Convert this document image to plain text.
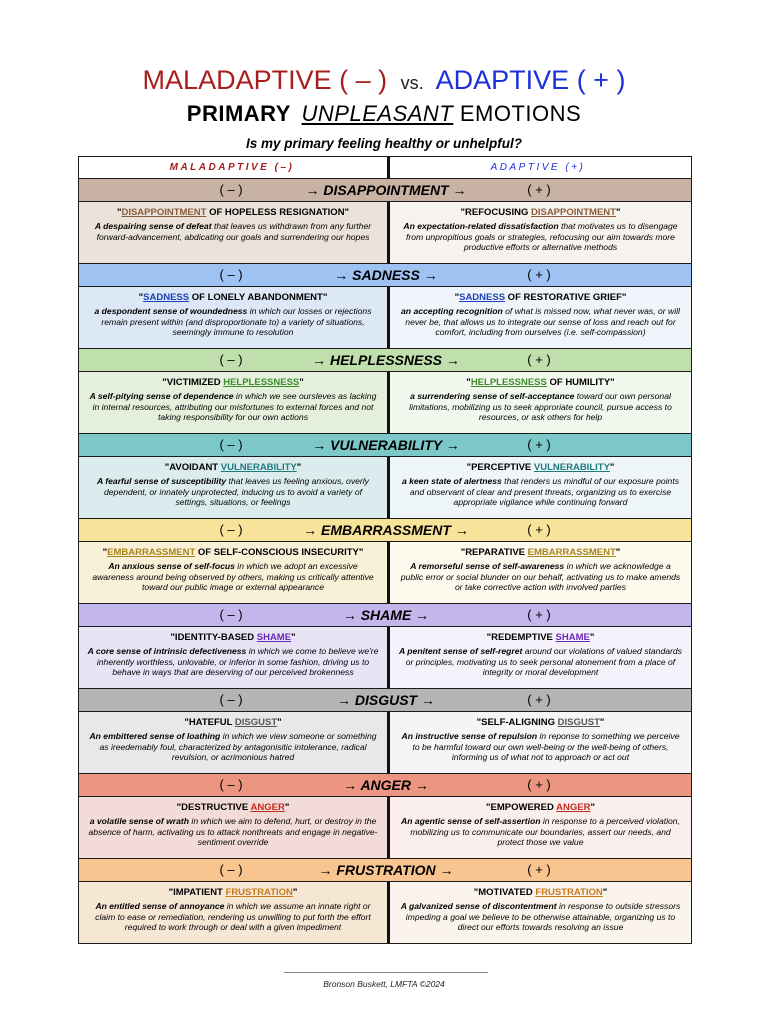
MALADAPTIVE ( – ) vs. ADAPTIVE ( + )
PRIMARY UNPLEASANT EMOTIONS
Is my primary feeling healthy or unhelpful?
MALADAPTIVE (–)	ADAPTIVE (+)
( – )	→ DISAPPOINTMENT →	( + )
"DISAPPOINTMENT OF HOPELESS RESIGNATION"
A despairing sense of defeat that leaves us withdrawn from any further forward-advancement, abdicating our goals and surrendering our hopes
"REFOCUSING DISAPPOINTMENT"
An expectation-related dissatisfaction that motivates us to disengage from unpropitious goals or strategies, refocusing our aim towards more productive efforts or alternative methods
( – )	→ SADNESS →	( + )
"SADNESS OF LONELY ABANDONMENT"
a despondent sense of woundedness in which our losses or rejections remain present within (and disproportionate to) a variety of situations, seemingly immune to resolution
"SADNESS OF RESTORATIVE GRIEF"
an accepting recognition of what is missed now, what never was, or will never be, that allows us to integrate our sense of loss and reach out for comfort, including from ourselves (i.e. self-compassion)
( – )	→ HELPLESSNESS →	( + )
"VICTIMIZED HELPLESSNESS"
A self-pitying sense of dependence in which we see oursleves as lacking in internal resources, attributing our misfortunes to external forces and not taking responsibility for our own actions
"HELPLESSNESS OF HUMILITY"
a surrendering sense of self-acceptance toward our own personal limitations, mobilizing us to seek approriate council, pursue access to resources, or ask others for help
( – )	→ VULNERABILITY →	( + )
"AVOIDANT VULNERABILITY"
A fearful sense of susceptibility that leaves us feeling anxious, overly dependent, or innately unprotected, inducing us to avoid a variety of settings, situations, or feelings
"PERCEPTIVE VULNERABILITY"
a keen state of alertness that renders us mindful of our exposure points and observant of clear and present threats, organizing us to exercise appropriate vigilance while continuing forward
( – )	→ EMBARRASSMENT →	( + )
"EMBARRASSMENT OF SELF-CONSCIOUS INSECURITY"
An anxious sense of self-focus in which we adopt an excessive awareness around being observed by others, making us critically attentive toward our public image or external appearance
"REPARATIVE EMBARRASSMENT"
A remorseful sense of self-awareness in which we acknowledge a public error or social blunder on our behalf, activating us to make amends or take corrective action with involved parties
( – )	→ SHAME →	( + )
"IDENTITY-BASED SHAME"
A core sense of intrinsic defectiveness in which we come to believe we're inherently worthless, unlovable, or inferior in some fashion, driving us to behave in ways that are deserving of our perceived brokenness
"REDEMPTIVE SHAME"
A penitent sense of self-regret around our violations of valued standards or principles, motivating us to seek personal atonement from a place of integrity or moral development
( – )	→ DISGUST →	( + )
"HATEFUL DISGUST"
An embittered sense of loathing in which we view someone or something as ireedemably foul, characterized by antagonisitic intolerance, radical revulsion, or acrimonious hatred
"SELF-ALIGNING DISGUST"
An instructive sense of repulsion in reponse to something we perceive to be harmful toward our own well-being or the well-being of others, informing us of what not to approach or act out
( – )	→ ANGER →	( + )
"DESTRUCTIVE ANGER"
a volatile sense of wrath in which we aim to defend, hurt, or destroy in the absence of harm, activating us to attack nonthreats and engage in negative-sentiment override
"EMPOWERED ANGER"
An agentic sense of self-assertion in response to a perceived violation, mobilizing us to communicate our boundaries, assert our needs, and protect those we value
( – )	→ FRUSTRATION →	( + )
"IMPATIENT FRUSTRATION"
An entitled sense of annoyance in which we assume an innate right or claim to ease or remediation, rendering us unwilling to put forth the effort required to work through or deal with a given impediment
"MOTIVATED FRUSTRATION"
A galvanized sense of discontentment in response to outside stressors impeding a goal we believe to be otherwise attainable, organizing us to direct our efforts towards resolving an issue
Bronson Buskett, LMFTA ©2024
